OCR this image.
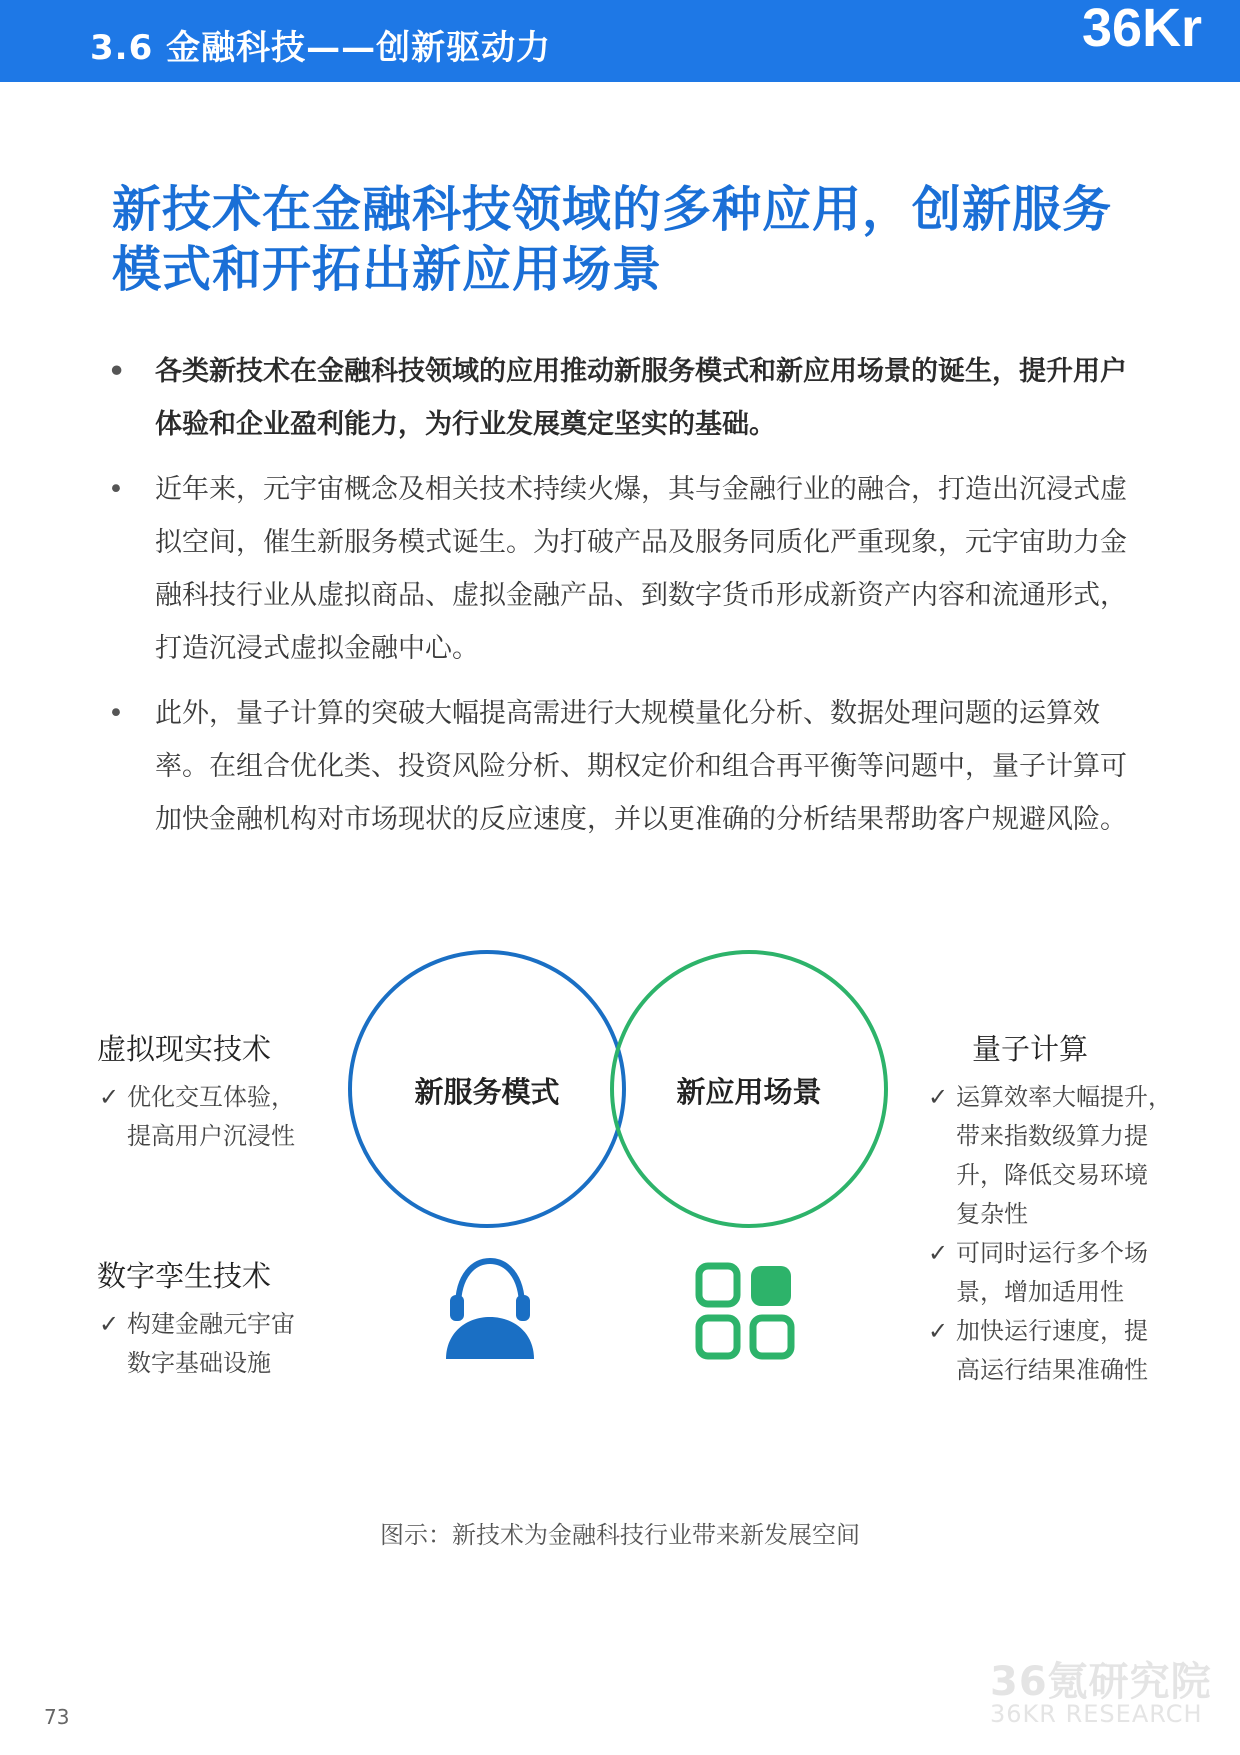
3.6 金融科技——创新驱动力	36Kr
新技术在金融科技领域的多种应用，创新服务模式和开拓出新应用场景
• 各类新技术在金融科技领域的应用推动新服务模式和新应用场景的诞生，提升用户体验和企业盈利能力，为行业发展奠定坚实的基础。
• 近年来，元宇宙概念及相关技术持续火爆，其与金融行业的融合，打造出沉浸式虚拟空间，催生新服务模式诞生。为打破产品及服务同质化严重现象，元宇宙助力金融科技行业从虚拟商品、虚拟金融产品、到数字货币形成新资产内容和流通形式，打造沉浸式虚拟金融中心。
• 此外，量子计算的突破大幅提高需进行大规模量化分析、数据处理问题的运算效率。在组合优化类、投资风险分析、期权定价和组合再平衡等问题中，量子计算可加快金融机构对市场现状的反应速度，并以更准确的分析结果帮助客户规避风险。
新服务模式	新应用场景
虚拟现实技术
✓ 优化交互体验，
提高用户沉浸性
数字孪生技术
✓ 构建金融元宇宙
数字基础设施
量子计算
✓ 运算效率大幅提升，
带来指数级算力提
升，降低交易环境
复杂性
✓ 可同时运行多个场
景，增加适用性
✓ 加快运行速度，提
高运行结果准确性
图示：新技术为金融科技行业带来新发展空间
73
36氪研究院
36KR RESEARCH
